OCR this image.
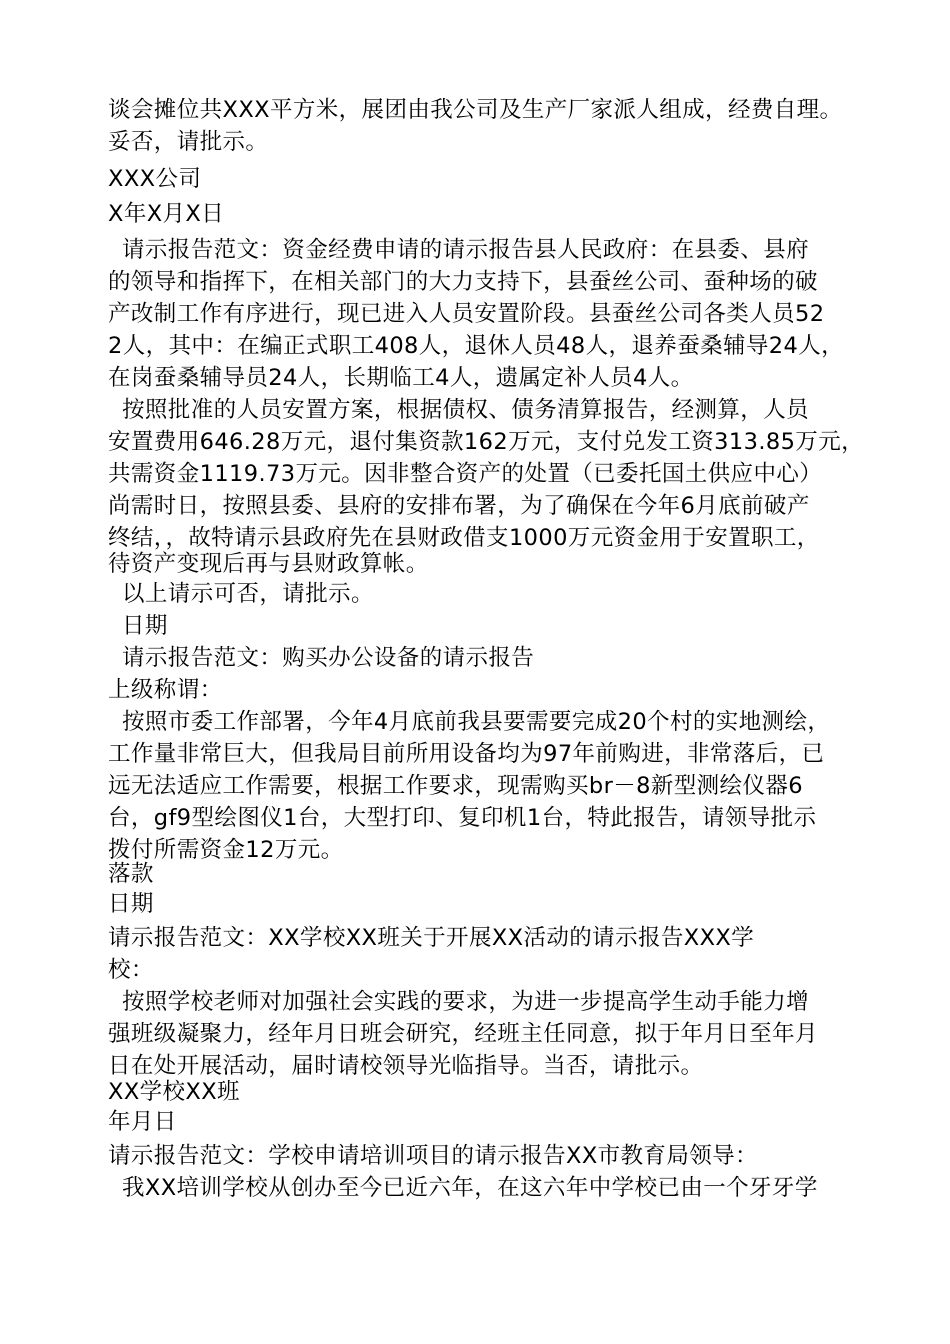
谈会摊位共XXX平方米，展团由我公司及生产厂家派人组成，经费自理。
妥否，请批示。
XXX公司
X年X月X日
请示报告范文：资金经费申请的请示报告县人民政府：在县委、县府
的领导和指挥下，在相关部门的大力支持下，县蚕丝公司、蚕种场的破
产改制工作有序进行，现已进入人员安置阶段。县蚕丝公司各类人员52
2人，其中：在编正式职工408人，退休人员48人，退养蚕桑辅导24人，
在岗蚕桑辅导员24人，长期临工4人，遗属定补人员4人。
按照批准的人员安置方案，根据债权、债务清算报告，经测算，人员
安置费用646.28万元，退付集资款162万元，支付兑发工资313.85万元，
共需资金1119.73万元。因非整合资产的处置（已委托国土供应中心）
尚需时日，按照县委、县府的安排布署，为了确保在今年6月底前破产
终结，，故特请示县政府先在县财政借支1000万元资金用于安置职工，
待资产变现后再与县财政算帐。
以上请示可否，请批示。
日期
请示报告范文：购买办公设备的请示报告
上级称谓：
按照市委工作部署，今年4月底前我县要需要完成20个村的实地测绘，
工作量非常巨大，但我局目前所用设备均为97年前购进，非常落后，已
远无法适应工作需要，根据工作要求，现需购买br－8新型测绘仪器6
台，gf9型绘图仪1台，大型打印、复印机1台，特此报告，请领导批示
拨付所需资金12万元。
落款
日期
请示报告范文：XX学校XX班关于开展XX活动的请示报告XXX学
校：
按照学校老师对加强社会实践的要求，为进一步提高学生动手能力增
强班级凝聚力，经年月日班会研究，经班主任同意，拟于年月日至年月
日在处开展活动，届时请校领导光临指导。当否，请批示。
XX学校XX班
年月日
请示报告范文：学校申请培训项目的请示报告XX市教育局领导：
我XX培训学校从创办至今已近六年，在这六年中学校已由一个牙牙学
